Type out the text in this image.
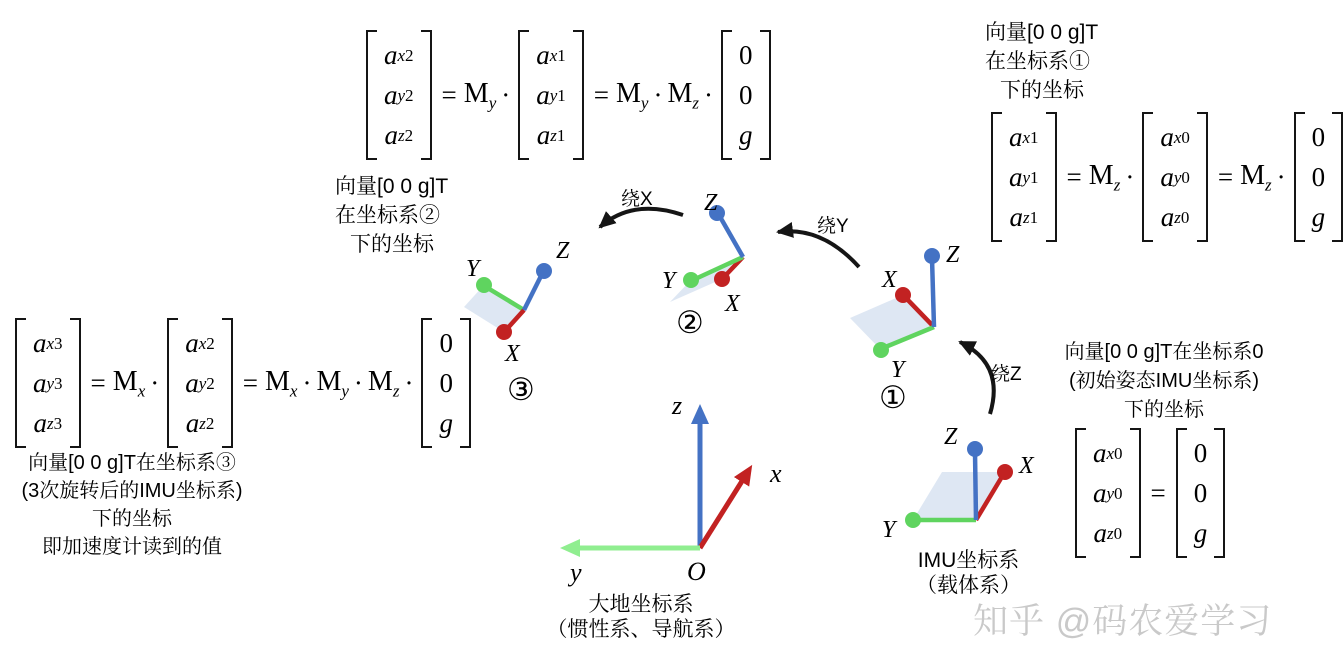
Z
Y
X
Z
Y
X
Z
X
Y
Z
X
Y
z
x
y	O
a x2
a y2
a z2
= $M_y$ ·
a x1
a y1
a z1
= $M_y \cdot M_z$ ·
0
0
g	a x1
a y1
a z1
= $M_z$ ·
a x0
a y0
a z0
= $M_z$ ·
0
0
g
a x3
a y3
a z3
= $M_x$ ·
a x2
a y2
a z2
= $M_x \cdot M_y \cdot M_z$ ·
0
0
g
a x0
a y0
a z0
=
0
0
g
向量[0 0 g]T
在坐标系①
下的坐标
向量[0 0 g]T
在坐标系②
下的坐标
向量[0 0 g]T在坐标系③
(3次旋转后的IMU坐标系)
下的坐标
即加速度计读到的值
向量[0 0 g]T在坐标系0
(初始姿态IMU坐标系)
下的坐标
大地坐标系
（惯性系、导航系）
IMU坐标系
（载体系）
绕X
绕Y
绕Z
①
②
③
知乎 @码农爱学习
